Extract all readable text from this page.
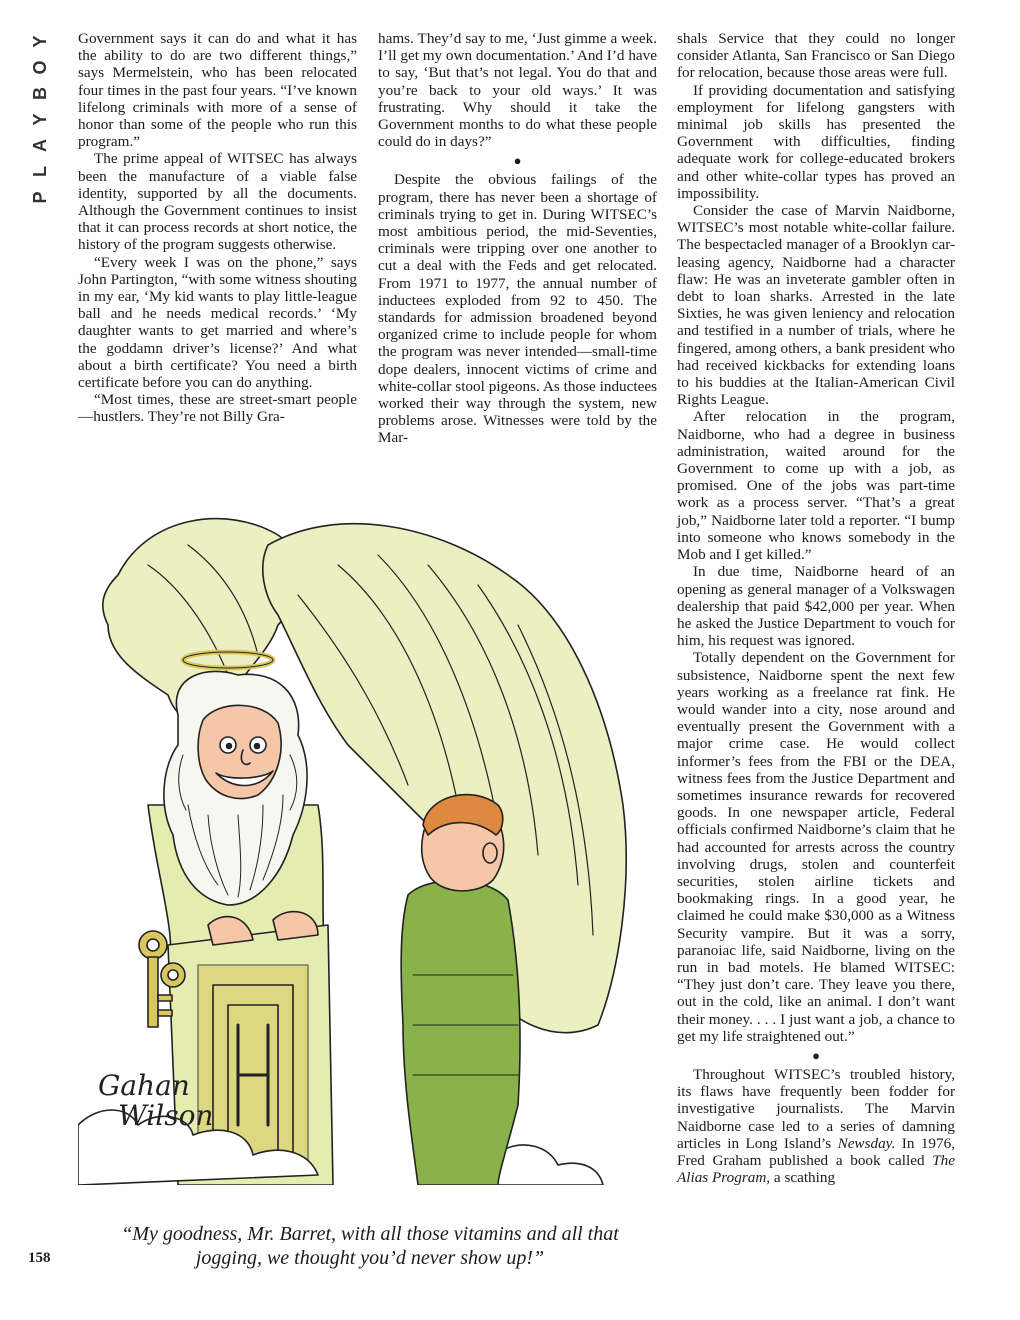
Y
O
B
Y
A
L
P

Government says it can do and what it has the ability to do are two different things,” says Mermelstein, who has been relocated four times in the past four years. “I’ve known lifelong criminals with more of a sense of honor than some of the people who run this program.”

The prime appeal of WITSEC has always been the manufacture of a viable false identity, supported by all the documents. Although the Government continues to insist that it can process records at short notice, the history of the program suggests otherwise.

“Every week I was on the phone,” says John Partington, “with some witness shouting in my ear, ‘My kid wants to play little-league ball and he needs medical records.’ ‘My daughter wants to get married and where’s the goddamn driver’s license?’ And what about a birth certificate? You need a birth certificate before you can do anything.

“Most times, these are street-smart people—hustlers. They’re not Billy Gra-

hams. They’d say to me, ‘Just gimme a week. I’ll get my own documentation.’ And I’d have to say, ‘But that’s not legal. You do that and you’re back to your old ways.’ It was frustrating. Why should it take the Government months to do what these people could do in days?”

●

Despite the obvious failings of the program, there has never been a shortage of criminals trying to get in. During WITSEC’s most ambitious period, the mid-Seventies, criminals were tripping over one another to cut a deal with the Feds and get relocated. From 1971 to 1977, the annual number of inductees exploded from 92 to 450. The standards for admission broadened beyond organized crime to include people for whom the program was never intended—small-time dope dealers, innocent victims of crime and white-collar stool pigeons. As those inductees worked their way through the system, new problems arose. Witnesses were told by the Mar-

shals Service that they could no longer consider Atlanta, San Francisco or San Diego for relocation, because those areas were full.

If providing documentation and satisfying employment for lifelong gangsters with minimal job skills has presented the Government with difficulties, finding adequate work for college-educated brokers and other white-collar types has proved an impossibility.

Consider the case of Marvin Naidborne, WITSEC’s most notable white-collar failure. The bespectacled manager of a Brooklyn car-leasing agency, Naidborne had a character flaw: He was an inveterate gambler often in debt to loan sharks. Arrested in the late Sixties, he was given leniency and relocation and testified in a number of trials, where he fingered, among others, a bank president who had received kickbacks for extending loans to his buddies at the Italian-American Civil Rights League.

After relocation in the program, Naidborne, who had a degree in business administration, waited around for the Government to come up with a job, as promised. One of the jobs was part-time work as a process server. “That’s a great job,” Naidborne later told a reporter. “I bump into someone who knows somebody in the Mob and I get killed.”

In due time, Naidborne heard of an opening as general manager of a Volkswagen dealership that paid $42,000 per year. When he asked the Justice Department to vouch for him, his request was ignored.

Totally dependent on the Government for subsistence, Naidborne spent the next few years working as a freelance rat fink. He would wander into a city, nose around and eventually present the Government with a major crime case. He would collect informer’s fees from the FBI or the DEA, witness fees from the Justice Department and sometimes insurance rewards for recovered goods. In one newspaper article, Federal officials confirmed Naidborne’s claim that he had accounted for arrests across the country involving drugs, stolen and counterfeit securities, stolen airline tickets and bookmaking rings. In a good year, he claimed he could make $30,000 as a Witness Security vampire. But it was a sorry, paranoiac life, said Naidborne, living on the run in bad motels. He blamed WITSEC: “They just don’t care. They leave you there, out in the cold, like an animal. I don’t want their money. . . . I just want a job, a chance to get my life straightened out.”

●

Throughout WITSEC’s troubled history, its flaws have frequently been fodder for investigative journalists. The Marvin Naidborne case led to a series of damning articles in Long Island’s Newsday. In 1976, Fred Graham published a book called The Alias Program, a scathing

Gahan
Wilson
“My goodness, Mr. Barret, with all those vitamins and all that jogging, we thought you’d never show up!”
158
